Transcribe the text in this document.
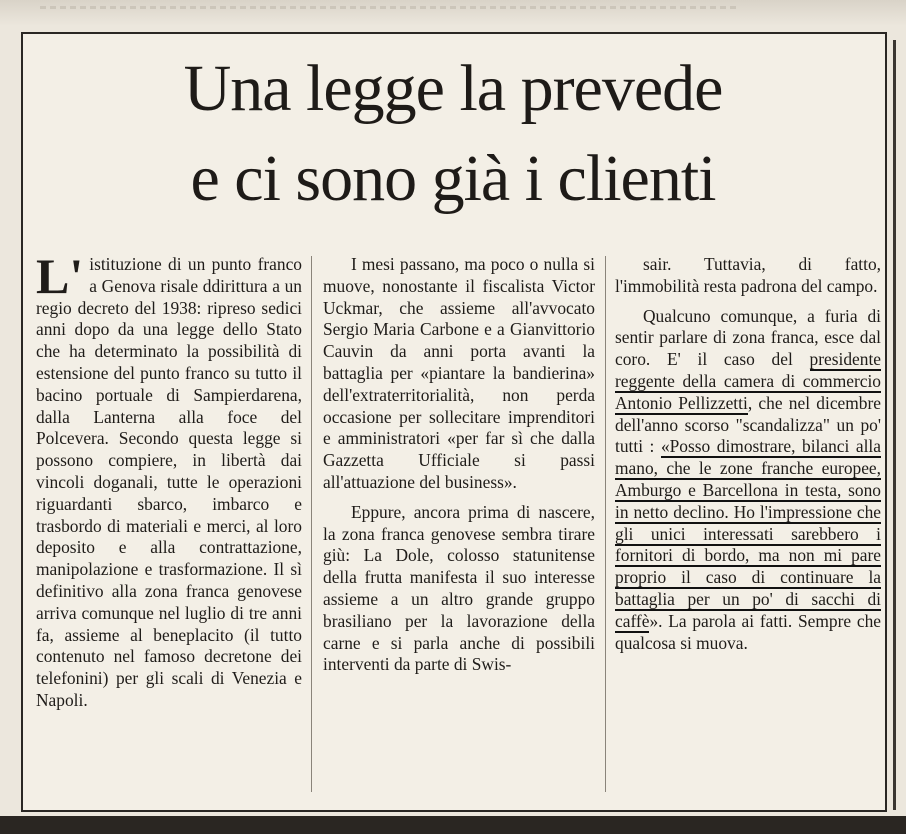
Una legge la prevede
e ci sono già i clienti

L' istituzione di un punto franco a Genova risale ddirittura a un regio decreto del 1938: ripreso sedici anni dopo da una legge dello Stato che ha determinato la possibilità di estensione del punto franco su tutto il bacino portuale di Sampierdarena, dalla Lanterna alla foce del Polcevera. Secondo questa legge si possono compiere, in libertà dai vincoli doganali, tutte le operazioni riguardanti sbarco, imbarco e trasbordo di materiali e merci, al loro deposito e alla contrattazione, manipolazione e trasformazione. Il sì definitivo alla zona franca genovese arriva comunque nel luglio di tre anni fa, assieme al beneplacito (il tutto contenuto nel famoso decretone dei telefonini) per gli scali di Venezia e Napoli.

I mesi passano, ma poco o nulla si muove, nonostante il fiscalista Victor Uckmar, che assieme all'avvocato Sergio Maria Carbone e a Gianvittorio Cauvin da anni porta avanti la battaglia per «piantare la bandierina» dell'extraterritorialità, non perda occasione per sollecitare imprenditori e amministratori «per far sì che dalla Gazzetta Ufficiale si passi all'attuazione del business».

Eppure, ancora prima di nascere, la zona franca genovese sembra tirare giù: La Dole, colosso statunitense della frutta manifesta il suo interesse assieme a un altro grande gruppo brasiliano per la lavorazione della carne e si parla anche di possibili interventi da parte di Swis-

sair. Tuttavia, di fatto, l'immobilità resta padrona del campo.

Qualcuno comunque, a furia di sentir parlare di zona franca, esce dal coro. E' il caso del presidente reggente della camera di commercio Antonio Pellizzetti, che nel dicembre dell'anno scorso "scandalizza" un po' tutti : «Posso dimostrare, bilanci alla mano, che le zone franche europee, Amburgo e Barcellona in testa, sono in netto declino. Ho l'impressione che gli unici interessati sarebbero i fornitori di bordo, ma non mi pare proprio il caso di continuare la battaglia per un po' di sacchi di caffè». La parola ai fatti. Sempre che qualcosa si muova.
